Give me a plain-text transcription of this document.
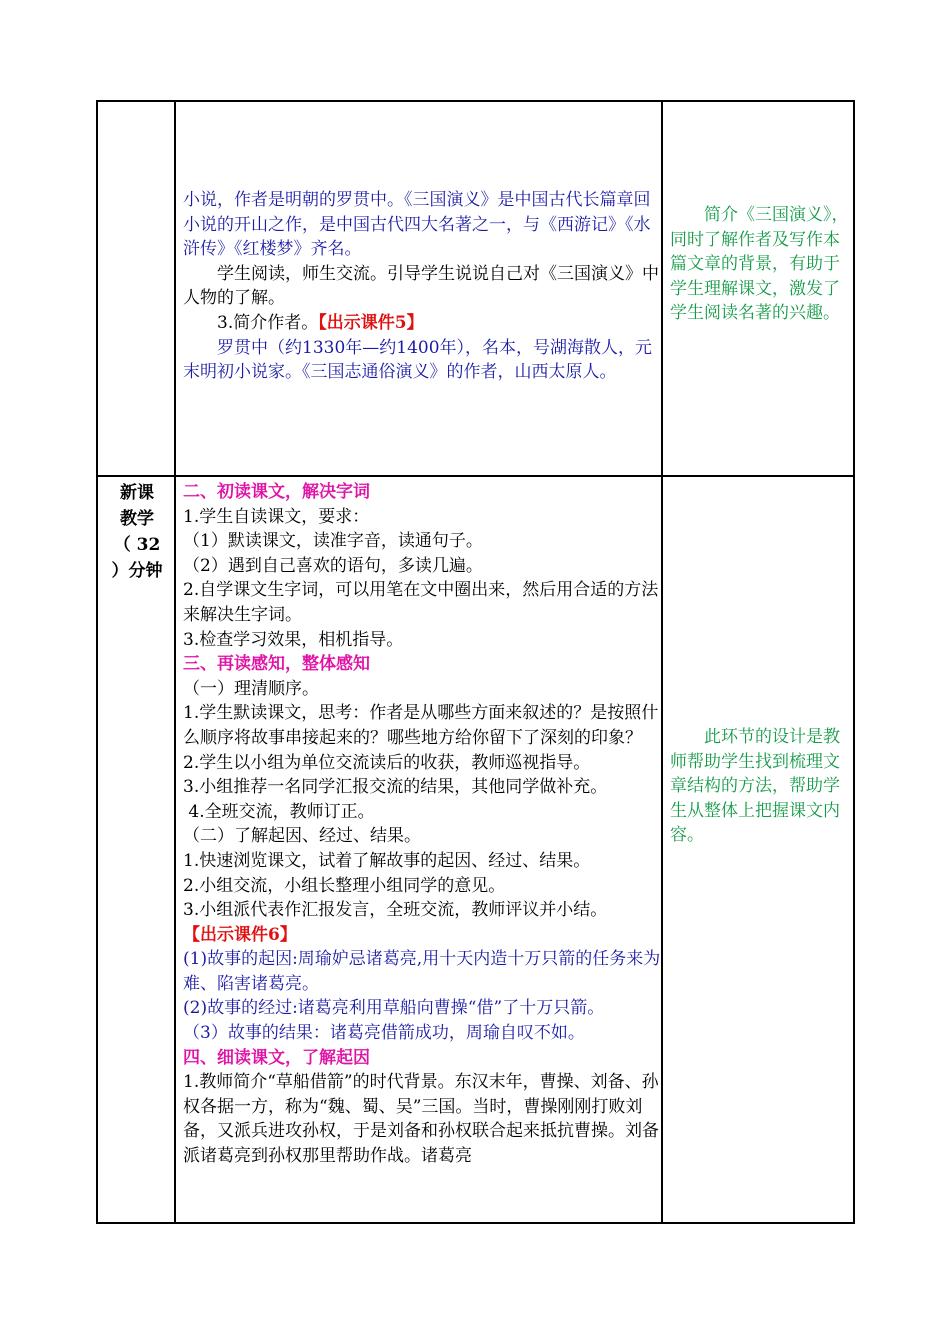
小说，作者是明朝的罗贯中。《三国演义》是中国古代长篇章回小说的开山之作，是中国古代四大名著之一，与《西游记》《水浒传》《红楼梦》齐名。

学生阅读，师生交流。引导学生说说自己对《三国演义》中人物的了解。

3.简介作者。【出示课件5】

罗贯中（约1330年—约1400年），名本，号湖海散人，元末明初小说家。《三国志通俗演义》的作者，山西太原人。

简介《三国演义》，同时了解作者及写作本篇文章的背景，有助于学生理解课文，激发了学生阅读名著的兴趣。

新课

教学

（ 32

）分钟

二、初读课文，解决字词

1.学生自读课文，要求：

（1）默读课文，读准字音，读通句子。

（2）遇到自己喜欢的语句，多读几遍。

2.自学课文生字词，可以用笔在文中圈出来，然后用合适的方法来解决生字词。

3.检查学习效果，相机指导。

三、再读感知，整体感知

（一）理清顺序。

1.学生默读课文，思考：作者是从哪些方面来叙述的？是按照什么顺序将故事串接起来的？哪些地方给你留下了深刻的印象？

2.学生以小组为单位交流读后的收获，教师巡视指导。

3.小组推荐一名同学汇报交流的结果，其他同学做补充。

4.全班交流，教师订正。

（二）了解起因、经过、结果。

1.快速浏览课文，试着了解故事的起因、经过、结果。

2.小组交流，小组长整理小组同学的意见。

3.小组派代表作汇报发言，全班交流，教师评议并小结。

【出示课件6】

(1)故事的起因:周瑜妒忌诸葛亮,用十天内造十万只箭的任务来为难、陷害诸葛亮。

(2)故事的经过:诸葛亮利用草船向曹操“借”了十万只箭。

（3）故事的结果：诸葛亮借箭成功，周瑜自叹不如。

四、细读课文，了解起因

1.教师简介“草船借箭”的时代背景。东汉末年，曹操、刘备、孙权各据一方，称为“魏、蜀、吴”三国。当时，曹操刚刚打败刘备，又派兵进攻孙权，于是刘备和孙权联合起来抵抗曹操。刘备派诸葛亮到孙权那里帮助作战。诸葛亮

此环节的设计是教师帮助学生找到梳理文章结构的方法，帮助学生从整体上把握课文内容。
